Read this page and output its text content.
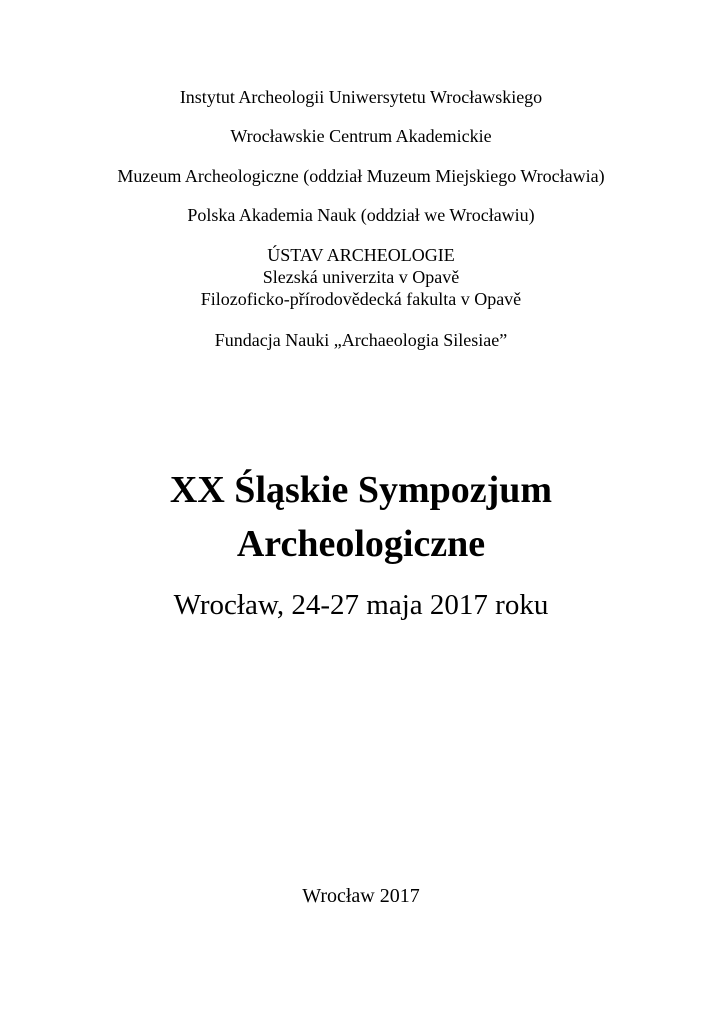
Instytut Archeologii Uniwersytetu Wrocławskiego
Wrocławskie Centrum Akademickie
Muzeum Archeologiczne (oddział Muzeum Miejskiego Wrocławia)
Polska Akademia Nauk (oddział we Wrocławiu)
ÚSTAV ARCHEOLOGIE
Slezská univerzita v Opavě
Filozoficko-přírodovědecká fakulta v Opavě
Fundacja Nauki „Archaeologia Silesiae”
XX Śląskie Sympozjum
Archeologiczne
Wrocław, 24-27 maja 2017 roku
Wrocław 2017
